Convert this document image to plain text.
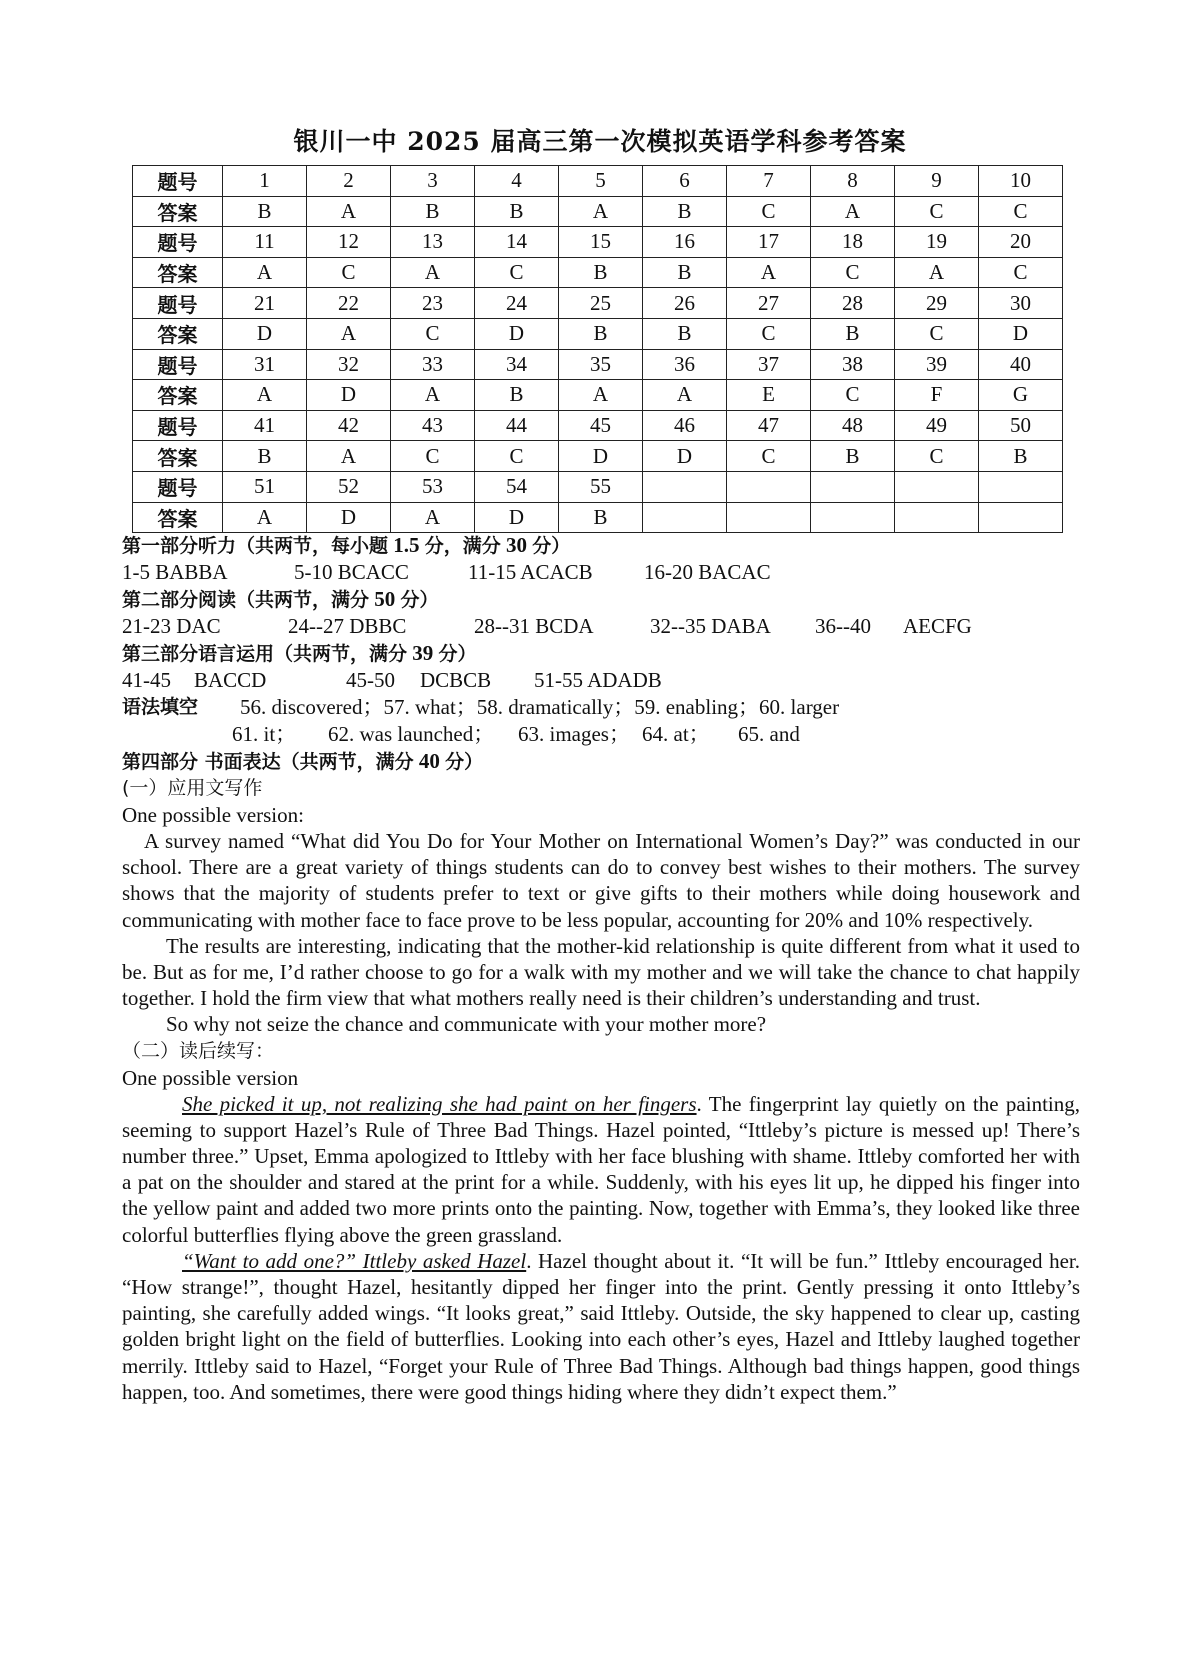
银川一中 2025 届高三第一次模拟英语学科参考答案
题号	1	2	3	4	5	6	7	8	9	10
答案	B	A	B	B	A	B	C	A	C	C
题号	11	12	13	14	15	16	17	18	19	20
答案	A	C	A	C	B	B	A	C	A	C
题号	21	22	23	24	25	26	27	28	29	30
答案	D	A	C	D	B	B	C	B	C	D
题号	31	32	33	34	35	36	37	38	39	40
答案	A	D	A	B	A	A	E	C	F	G
题号	41	42	43	44	45	46	47	48	49	50
答案	B	A	C	C	D	D	C	B	C	B
题号	51	52	53	54	55					
答案	A	D	A	D	B					
第一部分听力（共两节，每小题 1.5 分，满分 30 分）
1-5 BABBA	5-10 BCACC	11-15 ACACB	16-20 BACAC
第二部分阅读（共两节，满分 50 分）
21-23 DAC	24--27 DBBC	28--31 BCDA	32--35 DABA	36--40	AECFG
第三部分语言运用（共两节，满分 39 分）
41-45	BACCD	45-50	DCBCB	51-55 ADADB
语法填空	56. discovered；57. what；58. dramatically；59. enabling；60. larger
61. it；	62. was launched；	63. images； 64. at；	65. and
第四部分 书面表达（共两节，满分 40 分）
(一）应用文写作
One possible version:

A survey named “What did You Do for Your Mother on International Women’s Day?” was conducted in our school. There are a great variety of things students can do to convey best wishes to their mothers. The survey shows that the majority of students prefer to text or give gifts to their mothers while doing housework and communicating with mother face to face prove to be less popular, accounting for 20% and 10% respectively.

The results are interesting, indicating that the mother-kid relationship is quite different from what it used to be. But as for me, I’d rather choose to go for a walk with my mother and we will take the chance to chat happily together. I hold the firm view that what mothers really need is their children’s understanding and trust.

So why not seize the chance and communicate with your mother more?

（二）读后续写：
One possible version

She picked it up, not realizing she had paint on her fingers. The fingerprint lay quietly on the painting, seeming to support Hazel’s Rule of Three Bad Things. Hazel pointed, “Ittleby’s picture is messed up! There’s number three.” Upset, Emma apologized to Ittleby with her face blushing with shame. Ittleby comforted her with a pat on the shoulder and stared at the print for a while. Suddenly, with his eyes lit up, he dipped his finger into the yellow paint and added two more prints onto the painting. Now, together with Emma’s, they looked like three colorful butterflies flying above the green grassland.

“Want to add one?” Ittleby asked Hazel. Hazel thought about it. “It will be fun.” Ittleby encouraged her. “How strange!”, thought Hazel, hesitantly dipped her finger into the print. Gently pressing it onto Ittleby’s painting, she carefully added wings. “It looks great,” said Ittleby. Outside, the sky happened to clear up, casting golden bright light on the field of butterflies. Looking into each other’s eyes, Hazel and Ittleby laughed together merrily. Ittleby said to Hazel, “Forget your Rule of Three Bad Things. Although bad things happen, good things happen, too. And sometimes, there were good things hiding where they didn’t expect them.”
